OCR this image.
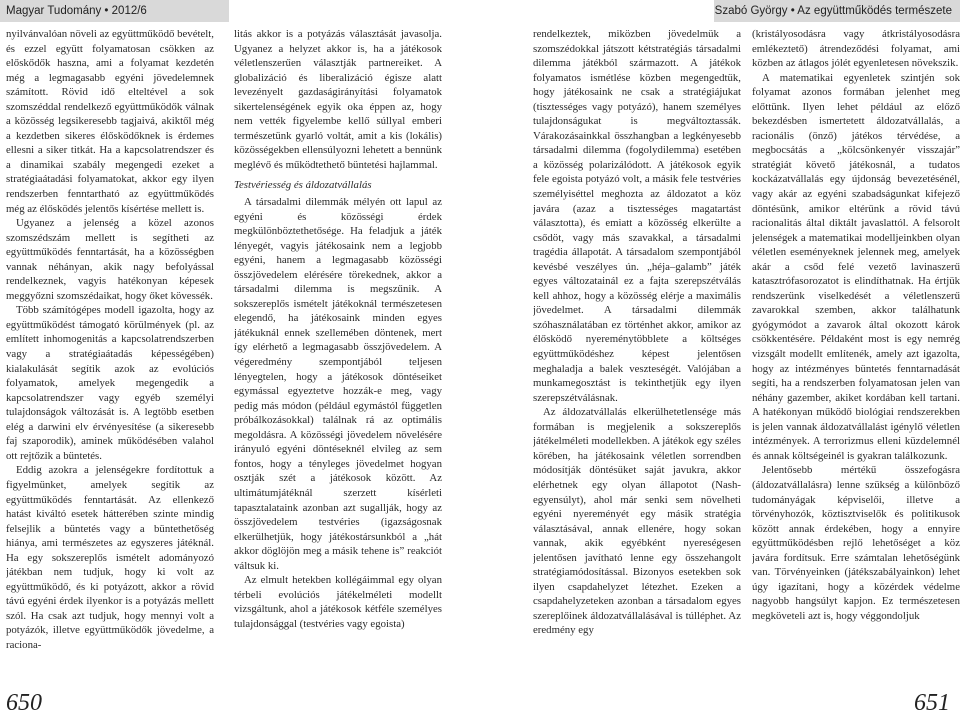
Magyar Tudomány • 2012/6

nyilvánvalóan növeli az együttműködő bevételt, és ezzel együtt folyamatosan csökken az előskődők haszna, ami a folyamat kezdetén még a legmagasabb egyéni jövedelemnek számított. Rövid idő elteltével a sok szomszéddal rendelkező együttműködők válnak a közösség legsikeresebb tagjaivá, akiktől még a kezdetben sikeres élősködőknek is érdemes ellesni a siker titkát. Ha a kapcsolatrendszer és a dinamikai szabály megengedi ezeket a stratégiaátadási folyamatokat, akkor egy ilyen rendszerben fenntartható az együttműködés még az élősködés jelentős kísértése mellett is.

Ugyanez a jelenség a közel azonos szomszédszám mellett is segítheti az együttműködés fenntartását, ha a közösségben vannak néhányan, akik nagy befolyással rendelkeznek, vagyis hatékonyan képesek meggyőzni szomszédaikat, hogy őket kövessék.

Több számítógépes modell igazolta, hogy az együttműködést támogató körülmények (pl. az említett inhomogenitás a kapcsolatrendszerben vagy a stratégiaátadás képességében) kialakulását segítik azok az evolúciós folyamatok, amelyek megengedik a kapcsolatrendszer vagy egyéb személyi tulajdonságok változását is. A legtöbb esetben elég a darwini elv érvényesítése (a sikeresebb faj szaporodik), aminek működésében valahol ott rejtőzik a büntetés.

Eddig azokra a jelenségekre fordítottuk a figyelmünket, amelyek segítik az együttműködés fenntartását. Az ellenkező hatást kiváltó esetek hátterében szinte mindig felsejlik a büntetés vagy a büntethetőség hiánya, ami természetes az egyszeres játéknál. Ha egy sokszereplős ismételt adományozó játékban nem tudjuk, hogy ki volt az együttműködő, és ki potyázott, akkor a rövid távú egyéni érdek ilyenkor is a potyázás mellett szól. Ha csak azt tudjuk, hogy mennyi volt a potyázók, illetve együttműködők jövedelme, a raciona-

litás akkor is a potyázás választását javasolja. Ugyanez a helyzet akkor is, ha a játékosok véletlenszerűen választják partnereiket. A globalizáció és liberalizáció égisze alatt levezényelt gazdaságirányítási folyamatok sikertelenségének egyik oka éppen az, hogy nem vették figyelembe kellő súllyal emberi természetünk gyarló voltát, amit a kis (lokális) közösségekben ellensúlyozni lehetett a bennünk meglévő és működtethető büntetési hajlammal.

Testvériesség és áldozatvállalás

A társadalmi dilemmák mélyén ott lapul az egyéni és közösségi érdek megkülönböztethetősége. Ha feladjuk a játék lényegét, vagyis játékosaink nem a legjobb egyéni, hanem a legmagasabb közösségi összjövedelem elérésére törekednek, akkor a társadalmi dilemma is megszűnik. A sokszereplős ismételt játékoknál természetesen elegendő, ha játékosaink minden egyes játékuknál ennek szellemében döntenek, mert így elérhető a legmagasabb összjövedelem. A végeredmény szempontjából teljesen lényegtelen, hogy a játékosok döntéseiket egymással egyeztetve hozzák-e meg, vagy pedig más módon (például egymástól független próbálkozásokkal) találnak rá az optimális megoldásra. A közösségi jövedelem növelésére irányuló egyéni döntéseknél elvileg az sem fontos, hogy a tényleges jövedelmet hogyan osztják szét a játékosok között. Az ultimátumjátéknál szerzett kísérleti tapasztalataink azonban azt sugallják, hogy az összjövedelem testvéries (igazságosnak elkerülhetjük, hogy játékostársunkból a „hát akkor döglöjön meg a másik tehene is” reakciót váltsuk ki.

Az elmult hetekben kollégáimmal egy olyan térbeli evolúciós játékelméleti modellt vizsgáltunk, ahol a játékosok kétféle személyes tulajdonsággal (testvéries vagy egoista)

650
Szabó György • Az együttműködés természete

rendelkeztek, miközben jövedelmük a szomszédokkal játszott kétstratégiás társadalmi dilemma játékból származott. A játékok folyamatos ismétlése közben megengedtük, hogy játékosaink ne csak a stratégiájukat (tisztességes vagy potyázó), hanem személyes tulajdonságukat is megváltoztassák. Várakozásainkkal összhangban a legkényesebb társadalmi dilemma (fogolydilemma) esetében a közösség polarizálódott. A játékosok egyik fele egoista potyázó volt, a másik fele testvéries személyiséttel meghozta az áldozatot a köz javára (azaz a tisztességes magatartást választotta), és emiatt a közösség elkerülte a csődöt, vagy más szavakkal, a társadalmi tragédia állapotát. A társadalom szempontjából kevésbé veszélyes ún. „héja–galamb” játék egyes változatainál ez a fajta szerepszétválás kell ahhoz, hogy a közösség elérje a maximális jövedelmet. A társadalmi dilemmák szóhasználatában ez történhet akkor, amikor az élősködő nyereménytöbblete a költséges együttműködéshez képest jelentősen meghaladja a balek veszteségét. Valójában a munkamegosztást is tekinthetjük egy ilyen szerepszétválásnak.

Az áldozatvállalás elkerülhetetlensége más formában is megjelenik a sokszereplős játékelméleti modellekben. A játékok egy széles körében, ha játékosaink véletlen sorrendben módosítják döntésüket saját javukra, akkor elérhetnek egy olyan állapotot (Nash-egyensúlyt), ahol már senki sem növelheti egyéni nyereményét egy másik stratégia választásával, annak ellenére, hogy sokan vannak, akik egyébként nyereségesen jelentősen javítható lenne egy összehangolt stratégiamódosítással. Bizonyos esetekben sok ilyen csapdahelyzet létezhet. Ezeken a csapdahelyzeteken azonban a társadalom egyes szereplőinek áldozatvállalásával is túlléphet. Az eredmény egy

(kristályosodásra vagy átkristályosodásra emlékeztető) átrendeződési folyamat, ami közben az átlagos jólét egyenletesen növekszik.

A matematikai egyenletek szintjén sok folyamat azonos formában jelenhet meg előttünk. Ilyen lehet például az előző bekezdésben ismertetett áldozatvállalás, a racionális (önző) játékos térvédése, a megbocsátás a „kölcsönkenyér visszajár” stratégiát követő játékosnál, a tudatos kockázatvállalás egy újdonság bevezetésénél, vagy akár az egyéni szabadságunkat kifejező döntésünk, amikor eltérünk a rövid távú racionalitás által diktált javaslattól. A felsorolt jelenségek a matematikai modelljeinkben olyan véletlen eseményeknek jelennek meg, amelyek akár a csőd felé vezető lavinaszerű katasztrófasorozatot is elindíthatnak. Ha értjük rendszerünk viselkedését a véletlenszerű zavarokkal szemben, akkor találhatunk gyógymódot a zavarok által okozott károk csökkentésére. Példaként most is egy nemrég vizsgált modellt említenék, amely azt igazolta, hogy az intézményes büntetés fenntarnadását segíti, ha a rendszerben folyamatosan jelen van néhány gazember, akiket kordában kell tartani. A hatékonyan működő biológiai rendszerekben is jelen vannak áldozatvállalást igénylő véletlen intézmények. A terrorizmus elleni küzdelemnél és annak költségeinél is gyakran találkozunk.

Jelentősebb mértékű összefogásra (áldozatvállalásra) lenne szükség a különböző tudományágak képviselői, illetve a törvényhozók, köztisztviselők és politikusok között annak érdekében, hogy a ennyire együttműködésben rejlő lehetőséget a köz javára fordítsuk. Erre számtalan lehetőségünk van. Törvényeinken (játékszabályainkon) lehet úgy igazítani, hogy a közérdek védelme nagyobb hangsúlyt kapjon. Ez természetesen megköveteli azt is, hogy véggondoljuk

651
